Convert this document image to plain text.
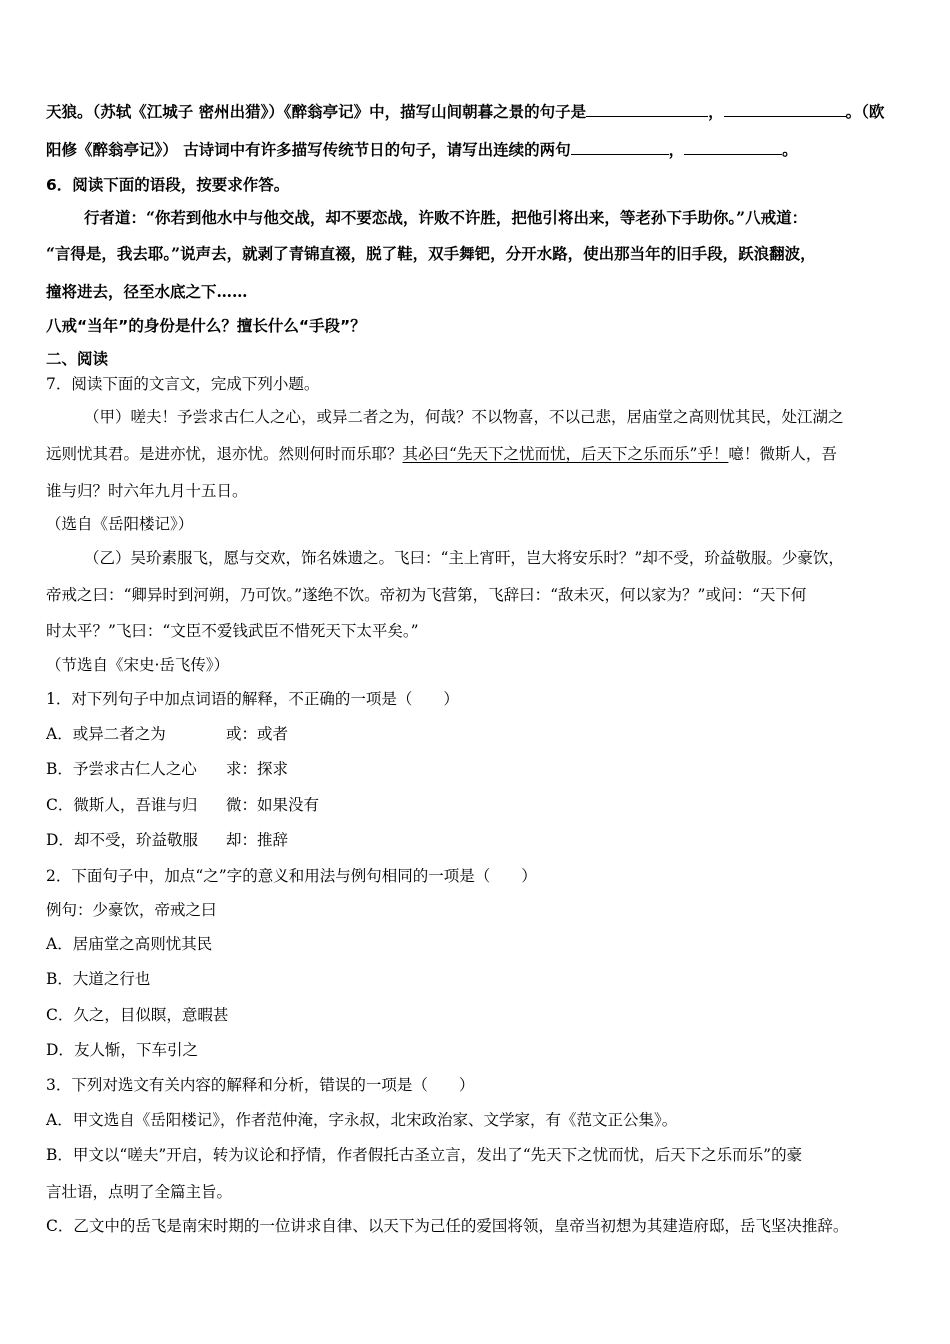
天狼。（苏轼《江城子 密州出猎》）《醉翁亭记》中，描写山间朝暮之景的句子是	，	。（欧
阳修《醉翁亭记》） 古诗词中有许多描写传统节日的句子，请写出连续的两句	，	。
6．阅读下面的语段，按要求作答。
行者道：“你若到他水中与他交战，却不要恋战，许败不许胜，把他引将出来，等老孙下手助你。”八戒道：
“言得是，我去耶。”说声去，就剥了青锦直裰，脱了鞋，双手舞钯，分开水路，使出那当年的旧手段，跃浪翻波，
撞将进去，径至水底之下……
八戒“当年”的身份是什么？擅长什么“手段”？
二、阅读
7．阅读下面的文言文，完成下列小题。
（甲）嗟夫！予尝求古仁人之心，或异二者之为，何哉？不以物喜，不以己悲，居庙堂之高则忧其民，处江湖之
远则忧其君。是进亦忧，退亦忧。然则何时而乐耶？其必曰“先天下之忧而忧，后天下之乐而乐”乎！噫！微斯人，吾
谁与归？时六年九月十五日。
（选自《岳阳楼记》）
（乙）吴玠素服飞，愿与交欢，饰名姝遗之。飞曰：“主上宵旰，岂大将安乐时？”却不受，玠益敬服。少豪饮，
帝戒之曰：“卿异时到河朔，乃可饮。”遂绝不饮。帝初为飞营第，飞辞曰：“敌未灭，何以家为？”或问：“天下何
时太平？”飞曰：“文臣不爱钱武臣不惜死天下太平矣。”
（节选自《宋史·岳飞传》）
1．对下列句子中加点词语的解释，不正确的一项是（　　）
A．或异二者之为	或：或者
B．予尝求古仁人之心 求：探求
C．微斯人，吾谁与归 微：如果没有
D．却不受，玠益敬服 却：推辞
2．下面句子中，加点“之”字的意义和用法与例句相同的一项是（　　）
例句：少豪饮，帝戒之曰
A．居庙堂之高则忧其民
B．大道之行也
C．久之，目似瞑，意暇甚
D．友人惭，下车引之
3．下列对选文有关内容的解释和分析，错误的一项是（　　）
A．甲文选自《岳阳楼记》，作者范仲淹，字永叔，北宋政治家、文学家，有《范文正公集》。
B．甲文以“嗟夫”开启，转为议论和抒情，作者假托古圣立言，发出了“先天下之忧而忧，后天下之乐而乐”的豪
言壮语，点明了全篇主旨。
C．乙文中的岳飞是南宋时期的一位讲求自律、以天下为己任的爱国将领，皇帝当初想为其建造府邸，岳飞坚决推辞。
